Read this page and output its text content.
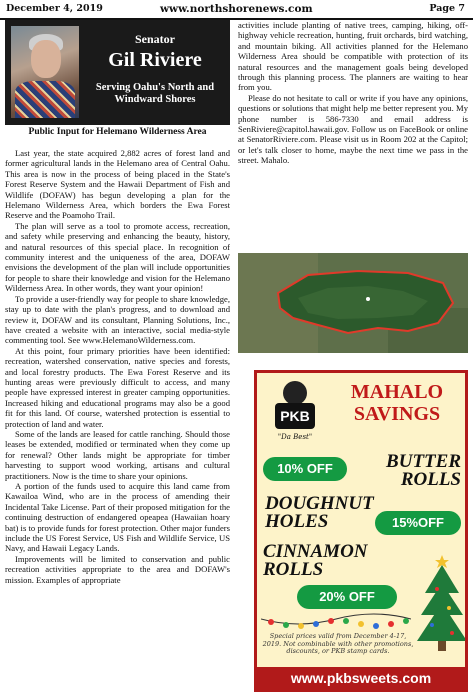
December 4, 2019	www.northshorenews.com	Page 7
Senator
Gil Riviere
Serving Oahu's North and Windward Shores
Public Input for Helemano Wilderness Area

Last year, the state acquired 2,882 acres of forest land and former agricultural lands in the Helemano area of Central Oahu. This area is now in the process of being placed in the State's Forest Reserve System and the Hawaii Department of Fish and Wildlife (DOFAW) has begun developing a plan for the Helemano Wilderness Area, which borders the Ewa Forest Reserve and the Poamoho Trail.

The plan will serve as a tool to promote access, recreation, and safety while preserving and enhancing the beauty, history, and natural resources of this special place. In recognition of community interest and the uniqueness of the area, DOFAW envisions the development of the plan will include opportunities for people to share their knowledge and vision for the Helemano Wilderness Area. In other words, they want your opinion!

To provide a user-friendly way for people to share knowledge, stay up to date with the plan's progress, and to download and review it, DOFAW and its consultant, Planning Solutions, Inc., have created a website with an interactive, social media-style commenting tool. See www.HelemanoWilderness.com.

At this point, four primary priorities have been identified: recreation, watershed conservation, native species and forests, and local forestry products. The Ewa Forest Reserve and its hunting areas were previously difficult to access, and many people have expressed interest in greater camping opportunities. Increased hiking and educational programs may also be a good fit for this land. Of course, watershed protection is essential to protection of land and water.

Some of the lands are leased for cattle ranching. Should those leases be extended, modified or terminated when they come up for renewal? Other lands might be appropriate for timber harvesting to support wood working, artisans and cultural practitioners. Now is the time to share your opinions.

A portion of the funds used to acquire this land came from Kawailoa Wind, who are in the process of amending their Incidental Take License. Part of their proposed mitigation for the continuing destruction of endangered opeapea (Hawaiian hoary bat) is to provide funds for forest protection. Other major funders include the US Forest Service, US Fish and Wildlife Service, US Navy, and Hawaii Legacy Lands.

Improvements will be limited to conservation and public recreation activities appropriate to the area and DOFAW's mission. Examples of appropriate

activities include planting of native trees, camping, hiking, off-highway vehicle recreation, hunting, fruit orchards, bird watching, and mountain biking. All activities planned for the Helemano Wilderness Area should be compatible with protection of its natural resources and the management goals being developed through this planning process. The planners are waiting to hear from you.

Please do not hesitate to call or write if you have any opinions, questions or solutions that might help me better represent you. My phone number is 586-7330 and email address is SenRiviere@capitol.hawaii.gov. Follow us on FaceBook or online at SenatorRiviere.com. Please visit us in Room 202 at the Capitol; or let's talk closer to home, maybe the next time we pass in the street. Mahalo.

PKB
"Da Best"
MAHALO SAVINGS
10% OFF	BUTTER ROLLS
DOUGHNUT HOLES	15%OFF
CINNAMON ROLLS
20% OFF
Special prices valid from December 4-17, 2019. Not combinable with other promotions, discounts, or PKB stamp cards.
www.pkbsweets.com
